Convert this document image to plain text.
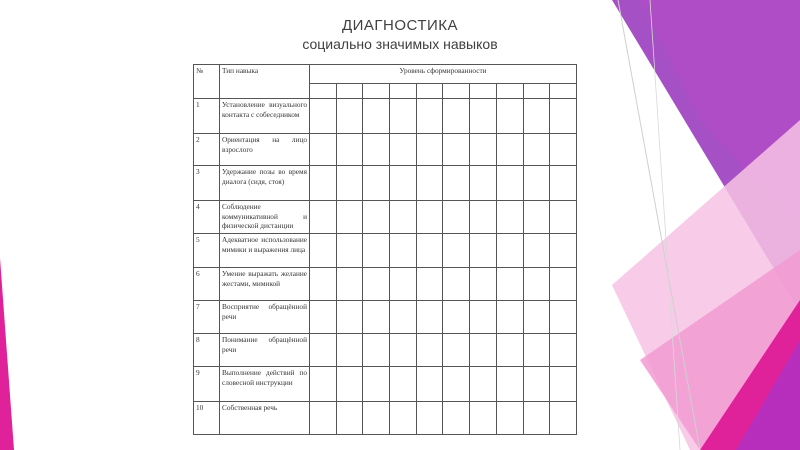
ДИАГНОСТИКА
социально значимых навыков
№	Тип навыка	Уровень сформированности									

1	Установление визуального контакта с собеседником										
2	Ориентация на лицо взрослого										
3	Удержание позы во время диалога (сидя, стоя)										
4	Соблюдение коммуникативной и физической дистанции										
5	Адекватное использование мимики и выражения лица										
6	Умение выражать желание жестами, мимикой										
7	Восприятие обращённой речи										
8	Понимание обращённой речи										
9	Выполнение действий по словесной инструкции										
10	Собственная речь										
